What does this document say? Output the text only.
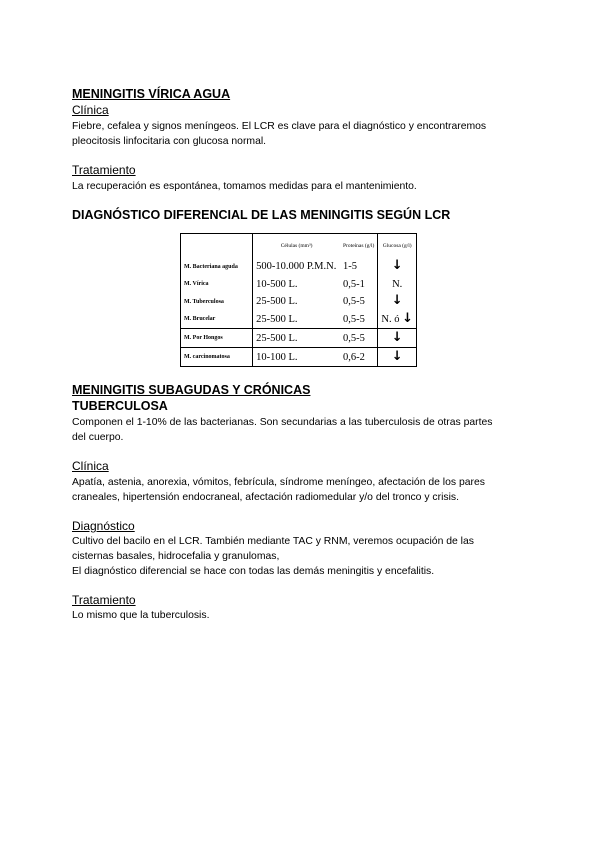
MENINGITIS VÍRICA AGUA
Clínica
Fiebre, cefalea y signos meníngeos. El LCR es clave para el diagnóstico y encontraremos
pleocitosis linfocitaria con glucosa normal.
Tratamiento
La recuperación es espontánea, tomamos medidas para el mantenimiento.
DIAGNÓSTICO DIFERENCIAL DE LAS MENINGITIS SEGÚN LCR
MENINGITIS SUBAGUDAS Y CRÓNICAS
TUBERCULOSA
Componen el 1-10% de las bacterianas. Son secundarias a las tuberculosis de otras partes
del cuerpo.
Clínica
Apatía, astenia, anorexia, vómitos, febrícula, síndrome meníngeo, afectación de los pares
craneales, hipertensión endocraneal, afectación radiomedular y/o del tronco y crisis.
Diagnóstico
Cultivo del bacilo en el LCR. También mediante TAC y RNM, veremos ocupación de las
cisternas basales, hidrocefalia y granulomas,
El diagnóstico diferencial se hace con todas las demás meningitis y encefalitis.
Tratamiento
Lo mismo que la tuberculosis.
	Células (mm³)	Proteínas (g/l)	Glucosa (g/l)
M. Bacteriana aguda	500-10.000 P.M.N.	1-5	↓
M. Vírica	10-500 L.	0,5-1	N.
M. Tuberculosa	25-500 L.	0,5-5	↓
M. Brucelar	25-500 L.	0,5-5	N. ó ↓
M. Por Hongos	25-500 L.	0,5-5	↓
M. carcinomatosa	10-100 L.	0,6-2	↓
